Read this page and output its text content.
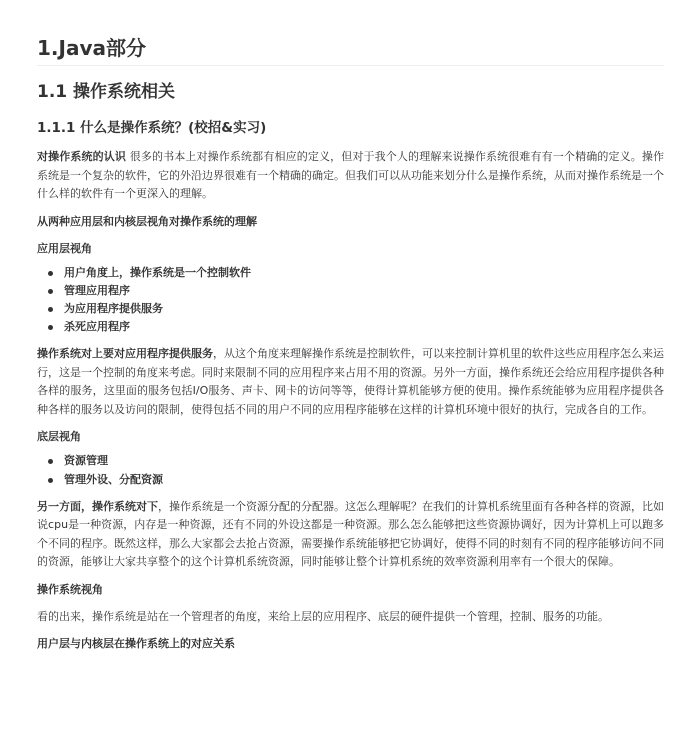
1.Java部分
1.1 操作系统相关
1.1.1 什么是操作系统？(校招&实习)

对操作系统的认识 很多的书本上对操作系统都有相应的定义，但对于我个人的理解来说操作系统很难有有一个精确的定义。操作系统是一个复杂的软件，它的外沿边界很难有一个精确的确定。但我们可以从功能来划分什么是操作系统，从而对操作系统是一个什么样的软件有一个更深入的理解。

从两种应用层和内核层视角对操作系统的理解
应用层视角
用户角度上，操作系统是一个控制软件
管理应用程序
为应用程序提供服务
杀死应用程序

操作系统对上要对应用程序提供服务，从这个角度来理解操作系统是控制软件，可以来控制计算机里的软件这些应用程序怎么来运行，这是一个控制的角度来考虑。同时来限制不同的应用程序来占用不用的资源。另外一方面，操作系统还会给应用程序提供各种各样的服务，这里面的服务包括I/O服务、声卡、网卡的访问等等，使得计算机能够方便的使用。操作系统能够为应用程序提供各种各样的服务以及访问的限制，使得包括不同的用户不同的应用程序能够在这样的计算机环境中很好的执行，完成各自的工作。

底层视角
资源管理
管理外设、分配资源

另一方面，操作系统对下，操作系统是一个资源分配的分配器。这怎么理解呢？在我们的计算机系统里面有各种各样的资源，比如说cpu是一种资源，内存是一种资源，还有不同的外设这都是一种资源。那么怎么能够把这些资源协调好，因为计算机上可以跑多个不同的程序。既然这样，那么大家都会去抢占资源，需要操作系统能够把它协调好，使得不同的时刻有不同的程序能够访问不同的资源，能够让大家共享整个的这个计算机系统资源，同时能够让整个计算机系统的效率资源利用率有一个很大的保障。

操作系统视角

看的出来，操作系统是站在一个管理者的角度，来给上层的应用程序、底层的硬件提供一个管理，控制、服务的功能。

用户层与内核层在操作系统上的对应关系
